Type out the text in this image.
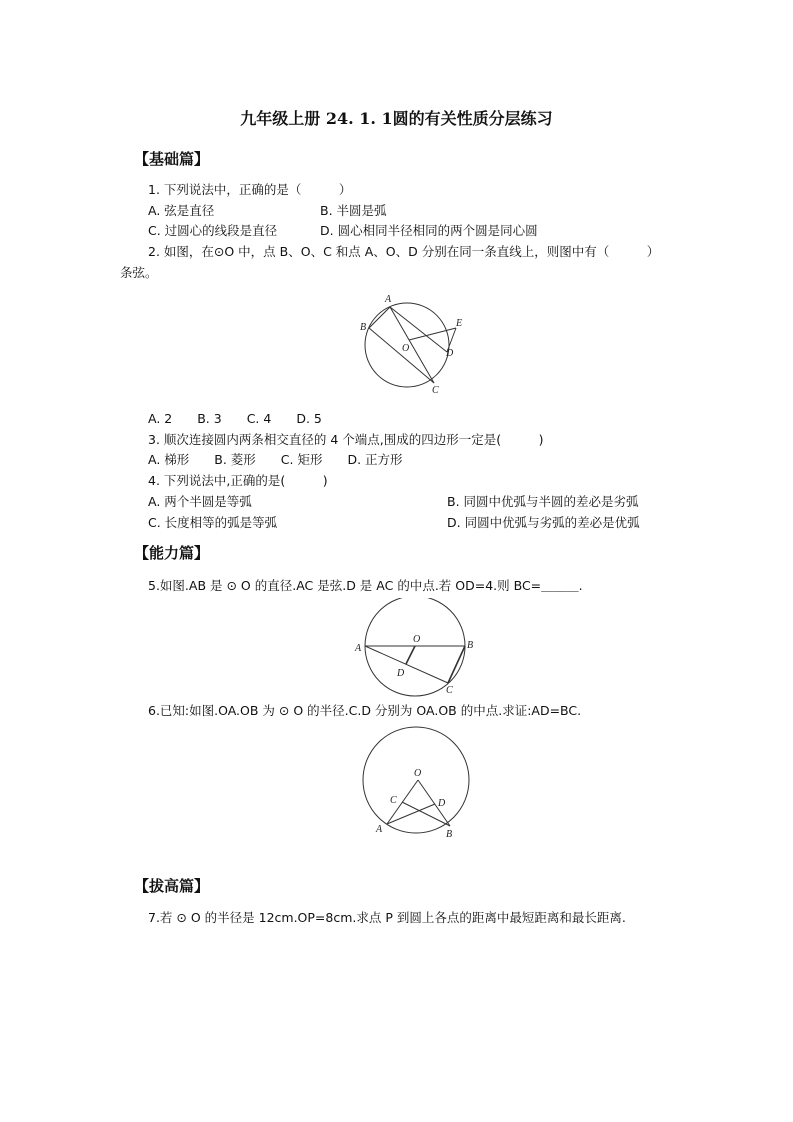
九年级上册 24. 1. 1圆的有关性质分层练习
【基础篇】
1. 下列说法中，正确的是（　　　）
A. 弦是直径	B. 半圆是弧
C. 过圆心的线段是直径	D. 圆心相同半径相同的两个圆是同心圆
2. 如图，在⊙O 中，点 B、O、C 和点 A、O、D 分别在同一条直线上，则图中有（　　　）
条弦。
A
B	E
O	D
C
A. 2　　B. 3　　C. 4　　D. 5
3. 顺次连接圆内两条相交直径的 4 个端点,围成的四边形一定是(　　　)
A. 梯形　　B. 菱形　　C. 矩形　　D. 正方形
4. 下列说法中,正确的是(　　　)
A. 两个半圆是等弧	B. 同圆中优弧与半圆的差必是劣弧
C. 长度相等的弧是等弧	D. 同圆中优弧与劣弧的差必是优弧
【能力篇】
5.如图.AB 是 ⊙ O 的直径.AC 是弦.D 是 AC 的中点.若 OD=4.则 BC=＿＿＿.
O
A	B
D
C
6.已知:如图.OA.OB 为 ⊙ O 的半径.C.D 分别为 OA.OB 的中点.求证:AD=BC.
O
C	D
A	B
【拔高篇】
7.若 ⊙ O 的半径是 12cm.OP=8cm.求点 P 到圆上各点的距离中最短距离和最长距离.
